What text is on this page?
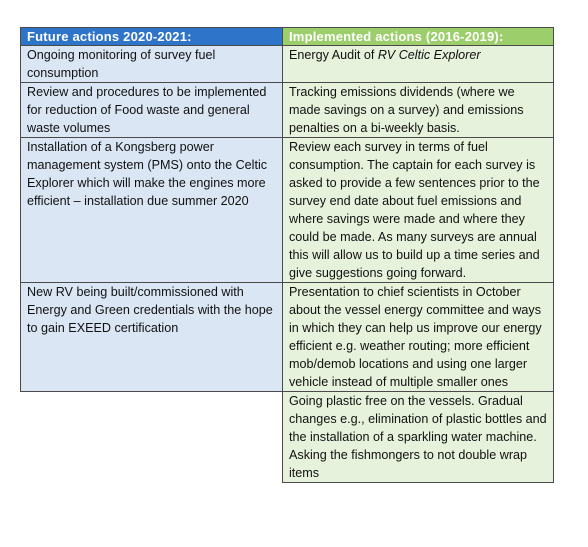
Future actions 2020-2021:	Implemented actions (2016-2019):
Ongoing monitoring of survey fuel consumption	Energy Audit of RV Celtic Explorer
Review and procedures to be implemented for reduction of Food waste and general waste volumes	Tracking emissions dividends (where we made savings on a survey) and emissions penalties on a bi-weekly basis.
Installation of a Kongsberg power management system (PMS) onto the Celtic Explorer which will make the engines more efficient – installation due summer 2020	Review each survey in terms of fuel consumption. The captain for each survey is asked to provide a few sentences prior to the survey end date about fuel emissions and where savings were made and where they could be made. As many surveys are annual this will allow us to build up a time series and give suggestions going forward.
New RV being built/commissioned with Energy and Green credentials with the hope to gain EXEED certification	Presentation to chief scientists in October about the vessel energy committee and ways in which they can help us improve our energy efficient e.g. weather routing; more efficient mob/demob locations and using one larger vehicle instead of multiple smaller ones
	Going plastic free on the vessels. Gradual changes e.g., elimination of plastic bottles and the installation of a sparkling water machine. Asking the fishmongers to not double wrap items
